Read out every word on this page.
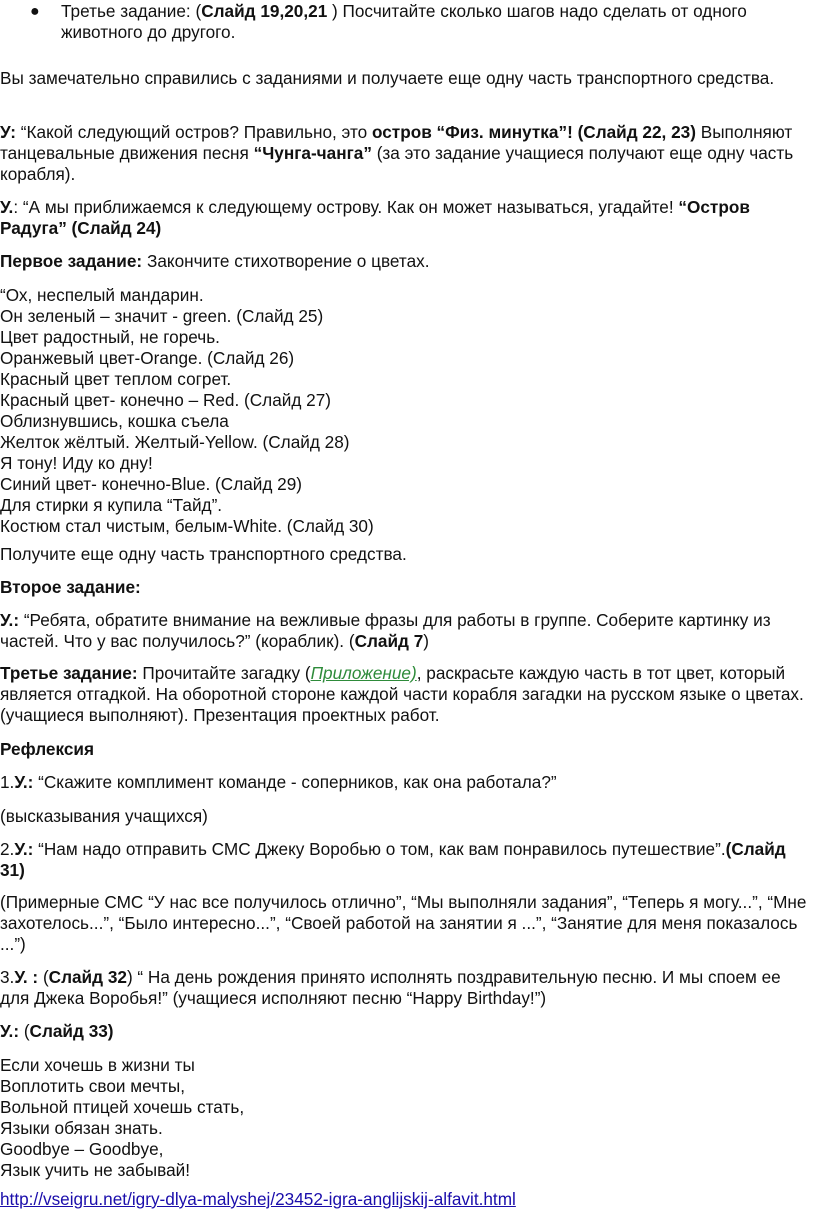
● Третье задание: (Слайд 19,20,21 ) Посчитайте сколько шагов надо сделать от одного животного до другого.
Вы замечательно справились с заданиями и получаете еще одну часть транспортного средства.
У: “Какой следующий остров? Правильно, это остров “Физ. минутка”! (Слайд 22, 23) Выполняют танцевальные движения песня “Чунга-чанга” (за это задание учащиеся получают еще одну часть корабля).
У.: “А мы приближаемся к следующему острову. Как он может называться, угадайте! “Остров Радуга” (Слайд 24)
Первое задание: Закончите стихотворение о цветах.
“Ох, неспелый мандарин.
Он зеленый – значит - green. (Слайд 25)
Цвет радостный, не горечь.
Оранжевый цвет-Orange. (Слайд 26)
Красный цвет теплом согрет.
Красный цвет- конечно – Red. (Слайд 27)
Облизнувшись, кошка съела
Желток жёлтый. Желтый-Yellow. (Слайд 28)
Я тону! Иду ко дну!
Синий цвет- конечно-Blue. (Слайд 29)
Для стирки я купила “Тайд”.
Костюм стал чистым, белым-White. (Слайд 30)
Получите еще одну часть транспортного средства.
Второе задание:
У.: “Ребята, обратите внимание на вежливые фразы для работы в группе. Соберите картинку из частей. Что у вас получилось?” (кораблик). (Слайд 7)
Третье задание: Прочитайте загадку (Приложение), раскрасьте каждую часть в тот цвет, который является отгадкой. На оборотной стороне каждой части корабля загадки на русском языке о цветах.(учащиеся выполняют). Презентация проектных работ.
Рефлексия
1.У.: “Скажите комплимент команде - соперников, как она работала?”
(высказывания учащихся)
2.У.: “Нам надо отправить СМС Джеку Воробью о том, как вам понравилось путешествие”.(Слайд 31)
(Примерные СМС “У нас все получилось отлично”, “Мы выполняли задания”, “Теперь я могу...”, “Мне захотелось...”, “Было интересно...”, “Своей работой на занятии я ...”, “Занятие для меня показалось ...”)
3.У. : (Слайд 32) “ На день рождения принято исполнять поздравительную песню. И мы споем ее для Джека Воробья!” (учащиеся исполняют песню “Happy Birthday!”)
У.: (Слайд 33)
Если хочешь в жизни ты
Воплотить свои мечты,
Вольной птицей хочешь стать,
Языки обязан знать.
Goodbye – Goodbye,
Язык учить не забывай!
http://vseigru.net/igry-dlya-malyshej/23452-igra-anglijskij-alfavit.html
